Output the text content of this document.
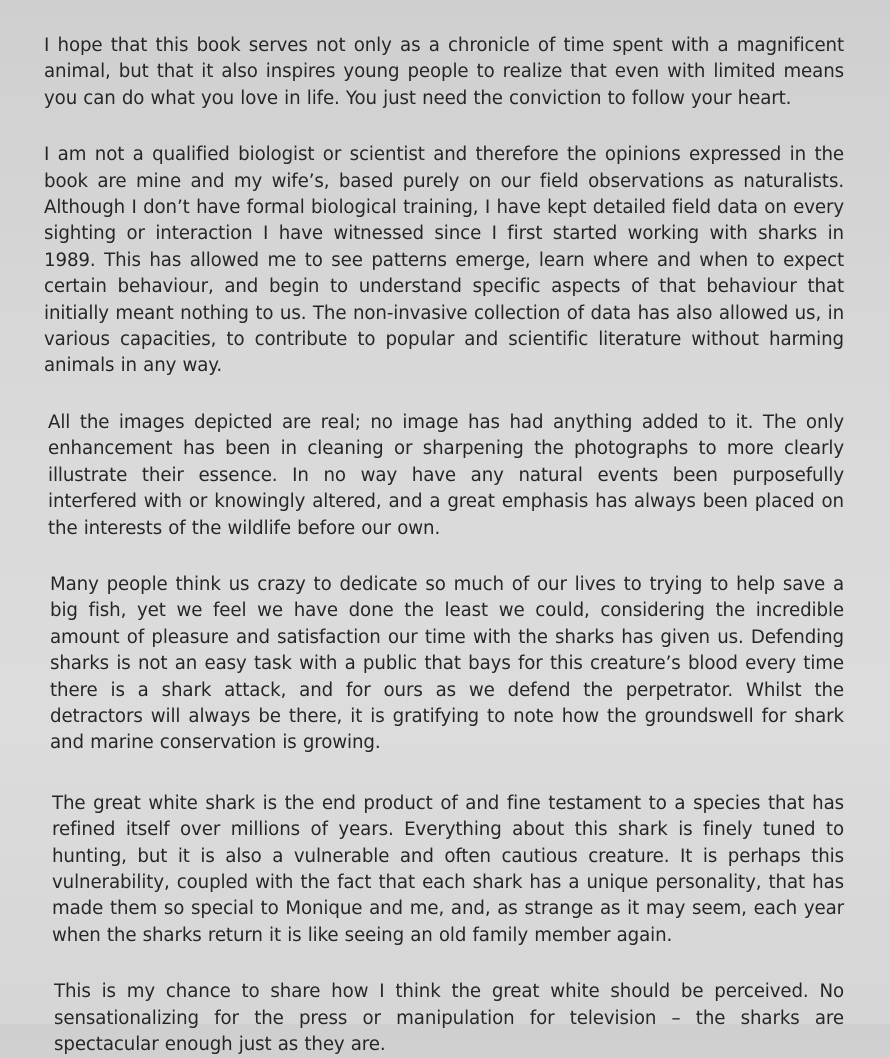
I hope that this book serves not only as a chronicle of time spent with a magnificent animal, but that it also inspires young people to realize that even with limited means you can do what you love in life. You just need the conviction to follow your heart.

I am not a qualified biologist or scientist and therefore the opinions expressed in the book are mine and my wife’s, based purely on our field observations as naturalists. Although I don’t have formal biological training, I have kept detailed field data on every sighting or interaction I have witnessed since I first started working with sharks in 1989. This has allowed me to see patterns emerge, learn where and when to expect certain behaviour, and begin to understand specific aspects of that behaviour that initially meant nothing to us. The non-invasive collection of data has also allowed us, in various capacities, to contribute to popular and scientific literature without harming animals in any way.

All the images depicted are real; no image has had anything added to it. The only enhancement has been in cleaning or sharpening the photographs to more clearly illustrate their essence. In no way have any natural events been purposefully interfered with or knowingly altered, and a great emphasis has always been placed on the interests of the wildlife before our own.

Many people think us crazy to dedicate so much of our lives to trying to help save a big fish, yet we feel we have done the least we could, considering the incredible amount of pleasure and satisfaction our time with the sharks has given us. Defending sharks is not an easy task with a public that bays for this creature’s blood every time there is a shark attack, and for ours as we defend the perpetrator. Whilst the detractors will always be there, it is gratifying to note how the groundswell for shark and marine conservation is growing.

The great white shark is the end product of and fine testament to a species that has refined itself over millions of years. Everything about this shark is finely tuned to hunting, but it is also a vulnerable and often cautious creature. It is perhaps this vulnerability, coupled with the fact that each shark has a unique personality, that has made them so special to Monique and me, and, as strange as it may seem, each year when the sharks return it is like seeing an old family member again.

This is my chance to share how I think the great white should be perceived. No sensationalizing for the press or manipulation for television – the sharks are spectacular enough just as they are.
